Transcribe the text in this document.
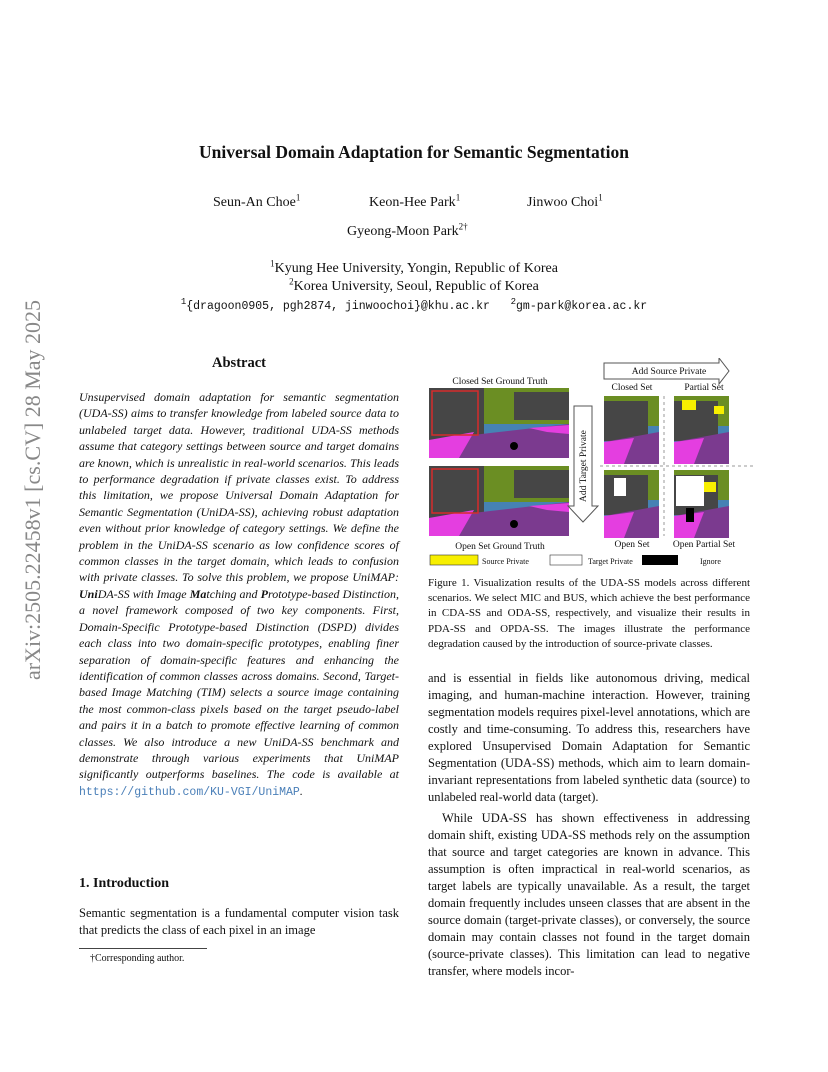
arXiv:2505.22458v1 [cs.CV] 28 May 2025
Universal Domain Adaptation for Semantic Segmentation
Seun-An Choe$^1$	Keon-Hee Park$^1$	Jinwoo Choi$^1$
Gyeong-Moon Park$^{2\dagger}$
$^1$Kyung Hee University, Yongin, Republic of Korea
$^2$Korea University, Seoul, Republic of Korea
$^1${dragoon0905, pgh2874, jinwoochoi}@khu.ac.kr $^2$gm-park@korea.ac.kr
Abstract
Unsupervised domain adaptation for semantic segmentation (UDA-SS) aims to transfer knowledge from labeled source data to unlabeled target data. However, traditional UDA-SS methods assume that category settings between source and target domains are known, which is unrealistic in real-world scenarios. This leads to performance degradation if private classes exist. To address this limitation, we propose Universal Domain Adaptation for Semantic Segmentation (UniDA-SS), achieving robust adaptation even without prior knowledge of category settings. We define the problem in the UniDA-SS scenario as low confidence scores of common classes in the target domain, which leads to confusion with private classes. To solve this problem, we propose UniMAP: UniDA-SS with Image Matching and Prototype-based Distinction, a novel framework composed of two key components. First, Domain-Specific Prototype-based Distinction (DSPD) divides each class into two domain-specific prototypes, enabling finer separation of domain-specific features and enhancing the identification of common classes across domains. Second, Target-based Image Matching (TIM) selects a source image containing the most common-class pixels based on the target pseudo-label and pairs it in a batch to promote effective learning of common classes. We also introduce a new UniDA-SS benchmark and demonstrate through various experiments that UniMAP significantly outperforms baselines. The code is available at https://github.com/KU-VGI/UniMAP.
1. Introduction
Semantic segmentation is a fundamental computer vision task that predicts the class of each pixel in an image
†Corresponding author.
Add Source Private
Closed Set Ground Truth
Closed Set	Partial Set
Add Target Private
Open Set Ground Truth	Open Set Open Partial Set
Source Private	Target Private	Ignore
Figure 1. Visualization results of the UDA-SS models across different scenarios. We select MIC and BUS, which achieve the best performance in CDA-SS and ODA-SS, respectively, and visualize their results in PDA-SS and OPDA-SS. The images illustrate the performance degradation caused by the introduction of source-private classes.

and is essential in fields like autonomous driving, medical imaging, and human-machine interaction. However, training segmentation models requires pixel-level annotations, which are costly and time-consuming. To address this, researchers have explored Unsupervised Domain Adaptation for Semantic Segmentation (UDA-SS) methods, which aim to learn domain-invariant representations from labeled synthetic data (source) to unlabeled real-world data (target).

While UDA-SS has shown effectiveness in addressing domain shift, existing UDA-SS methods rely on the assumption that source and target categories are known in advance. This assumption is often impractical in real-world scenarios, as target labels are typically unavailable. As a result, the target domain frequently includes unseen classes that are absent in the source domain (target-private classes), or conversely, the source domain may contain classes not found in the target domain (source-private classes). This limitation can lead to negative transfer, where models incor-
